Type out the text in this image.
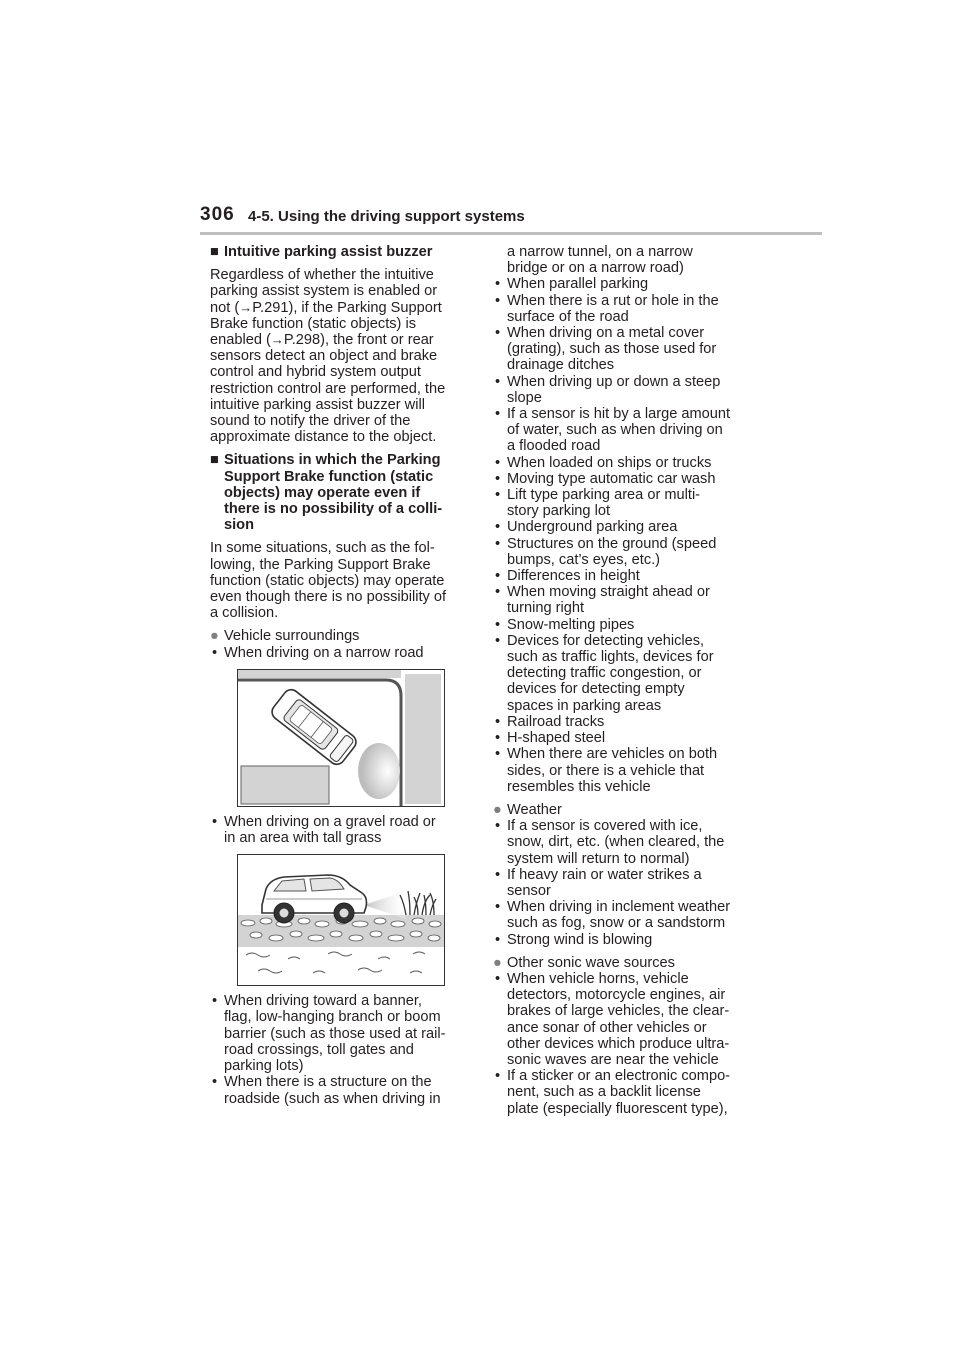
306 4-5. Using the driving support systems

■ Intuitive parking assist buzzer

Regardless of whether the intuitive

parking assist system is enabled or

not (→P.291), if the Parking Support

Brake function (static objects) is

enabled (→P.298), the front or rear

sensors detect an object and brake

control and hybrid system output

restriction control are performed, the

intuitive parking assist buzzer will

sound to notify the driver of the

approximate distance to the object.

■ Situations in which the Parking

Support Brake function (static

objects) may operate even if

there is no possibility of a colli-

sion

In some situations, such as the fol-

lowing, the Parking Support Brake

function (static objects) may operate

even though there is no possibility of

a collision.

● Vehicle surroundings

• When driving on a narrow road

• When driving on a gravel road or

in an area with tall grass

• When driving toward a banner,

flag, low-hanging branch or boom

barrier (such as those used at rail-

road crossings, toll gates and

parking lots)

• When there is a structure on the

roadside (such as when driving in

a narrow tunnel, on a narrow

bridge or on a narrow road)

• When parallel parking

• When there is a rut or hole in the

surface of the road

• When driving on a metal cover

(grating), such as those used for

drainage ditches

• When driving up or down a steep

slope

• If a sensor is hit by a large amount

of water, such as when driving on

a flooded road

• When loaded on ships or trucks

• Moving type automatic car wash

• Lift type parking area or multi-

story parking lot

• Underground parking area

• Structures on the ground (speed

bumps, cat’s eyes, etc.)

• Differences in height

• When moving straight ahead or

turning right

• Snow-melting pipes

• Devices for detecting vehicles,

such as traffic lights, devices for

detecting traffic congestion, or

devices for detecting empty

spaces in parking areas

• Railroad tracks

• H-shaped steel

• When there are vehicles on both

sides, or there is a vehicle that

resembles this vehicle

● Weather

• If a sensor is covered with ice,

snow, dirt, etc. (when cleared, the

system will return to normal)

• If heavy rain or water strikes a

sensor

• When driving in inclement weather

such as fog, snow or a sandstorm

• Strong wind is blowing

● Other sonic wave sources

• When vehicle horns, vehicle

detectors, motorcycle engines, air

brakes of large vehicles, the clear-

ance sonar of other vehicles or

other devices which produce ultra-

sonic waves are near the vehicle

• If a sticker or an electronic compo-

nent, such as a backlit license

plate (especially fluorescent type),
